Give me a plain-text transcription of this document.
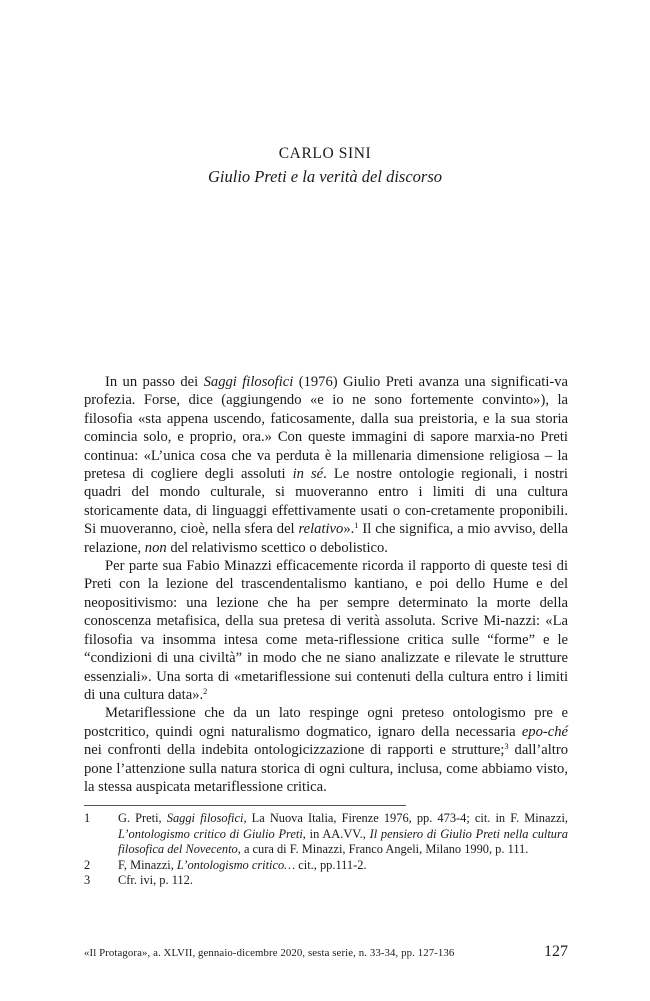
CARLO SINI
Giulio Preti e la verità del discorso

In un passo dei Saggi filosofici (1976) Giulio Preti avanza una significati-va profezia. Forse, dice (aggiungendo «e io ne sono fortemente convinto»), la filosofia «sta appena uscendo, faticosamente, dalla sua preistoria, e la sua storia comincia solo, e proprio, ora.» Con queste immagini di sapore marxia-no Preti continua: «L’unica cosa che va perduta è la millenaria dimensione religiosa – la pretesa di cogliere degli assoluti in sé. Le nostre ontologie regionali, i nostri quadri del mondo culturale, si muoveranno entro i limiti di una cultura storicamente data, di linguaggi effettivamente usati o con-cretamente proponibili. Si muoveranno, cioè, nella sfera del relativo».$^1$ Il che significa, a mio avviso, della relazione, non del relativismo scettico o debolistico.

Per parte sua Fabio Minazzi efficacemente ricorda il rapporto di queste tesi di Preti con la lezione del trascendentalismo kantiano, e poi dello Hume e del neopositivismo: una lezione che ha per sempre determinato la morte della conoscenza metafisica, della sua pretesa di verità assoluta. Scrive Mi-nazzi: «La filosofia va insomma intesa come meta-riflessione critica sulle “forme” e le “condizioni di una civiltà” in modo che ne siano analizzate e rilevate le strutture essenziali». Una sorta di «metariflessione sui contenuti della cultura entro i limiti di una cultura data».$^2$

Metariflessione che da un lato respinge ogni preteso ontologismo pre e postcritico, quindi ogni naturalismo dogmatico, ignaro della necessaria epo-ché nei confronti della indebita ontologicizzazione di rapporti e strutture;$^3$ dall’altro pone l’attenzione sulla natura storica di ogni cultura, inclusa, come abbiamo visto, la stessa auspicata metariflessione critica.

1	G. Preti, Saggi filosofici, La Nuova Italia, Firenze 1976, pp. 473-4; cit. in F. Minazzi, L’ontologismo critico di Giulio Preti, in AA.VV., Il pensiero di Giulio Preti nella cultura filosofica del Novecento, a cura di F. Minazzi, Franco Angeli, Milano 1990, p. 111.
2	F, Minazzi, L’ontologismo critico… cit., pp.111-2.
3	Cfr. ivi, p. 112.
«Il Protagora», a. XLVII, gennaio-dicembre 2020, sesta serie, n. 33-34, pp. 127-136	127
